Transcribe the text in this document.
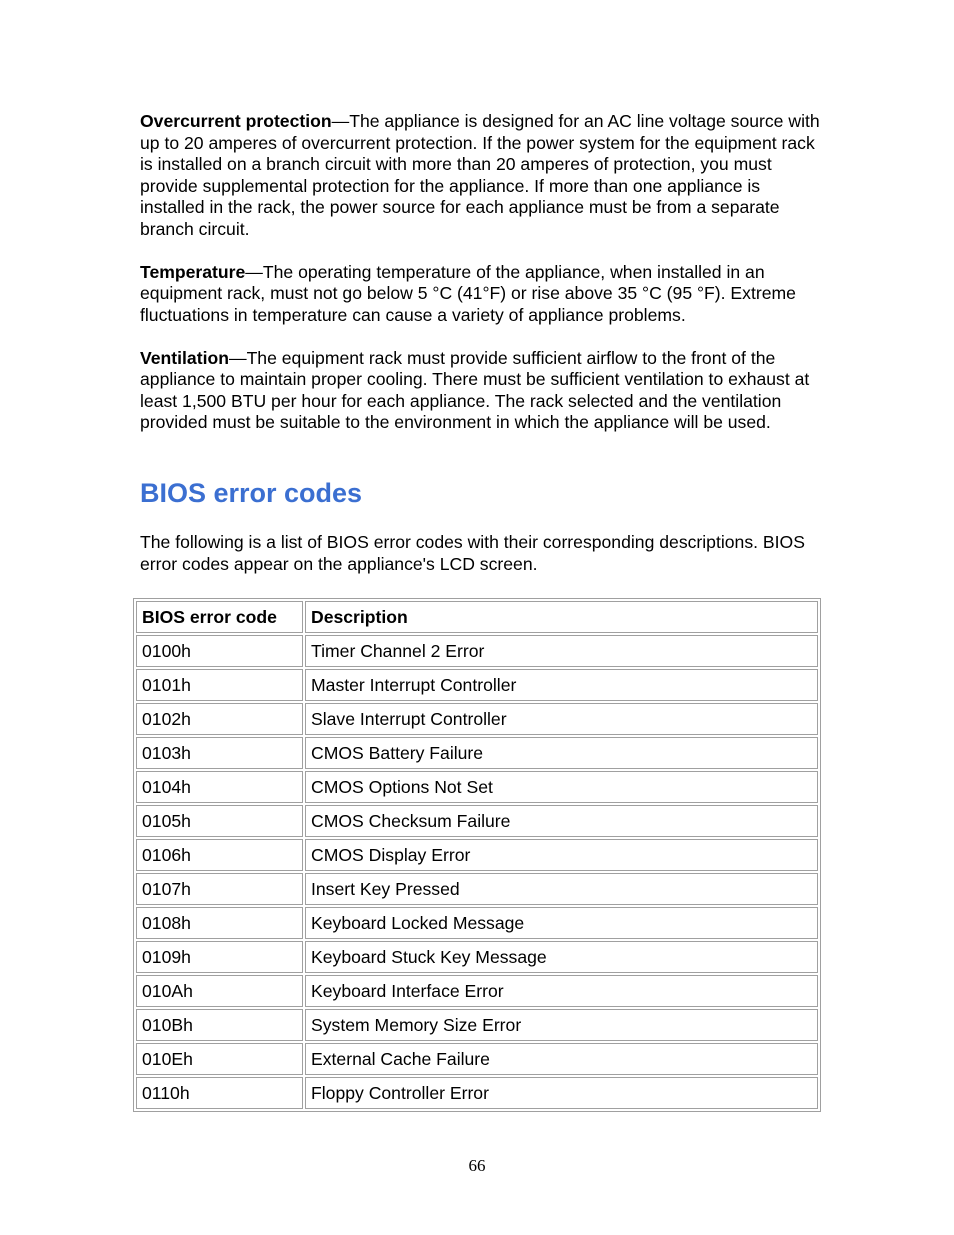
Overcurrent protection—The appliance is designed for an AC line voltage source with up to 20 amperes of overcurrent protection. If the power system for the equipment rack is installed on a branch circuit with more than 20 amperes of protection, you must provide supplemental protection for the appliance. If more than one appliance is installed in the rack, the power source for each appliance must be from a separate branch circuit.

Temperature—The operating temperature of the appliance, when installed in an equipment rack, must not go below 5 °C (41°F) or rise above 35 °C (95 °F). Extreme fluctuations in temperature can cause a variety of appliance problems.

Ventilation—The equipment rack must provide sufficient airflow to the front of the appliance to maintain proper cooling. There must be sufficient ventilation to exhaust at least 1,500 BTU per hour for each appliance. The rack selected and the ventilation provided must be suitable to the environment in which the appliance will be used.

BIOS error codes

The following is a list of BIOS error codes with their corresponding descriptions. BIOS error codes appear on the appliance's LCD screen.

BIOS error code	Description
0100h	Timer Channel 2 Error
0101h	Master Interrupt Controller
0102h	Slave Interrupt Controller
0103h	CMOS Battery Failure
0104h	CMOS Options Not Set
0105h	CMOS Checksum Failure
0106h	CMOS Display Error
0107h	Insert Key Pressed
0108h	Keyboard Locked Message
0109h	Keyboard Stuck Key Message
010Ah	Keyboard Interface Error
010Bh	System Memory Size Error
010Eh	External Cache Failure
0110h	Floppy Controller Error
66
